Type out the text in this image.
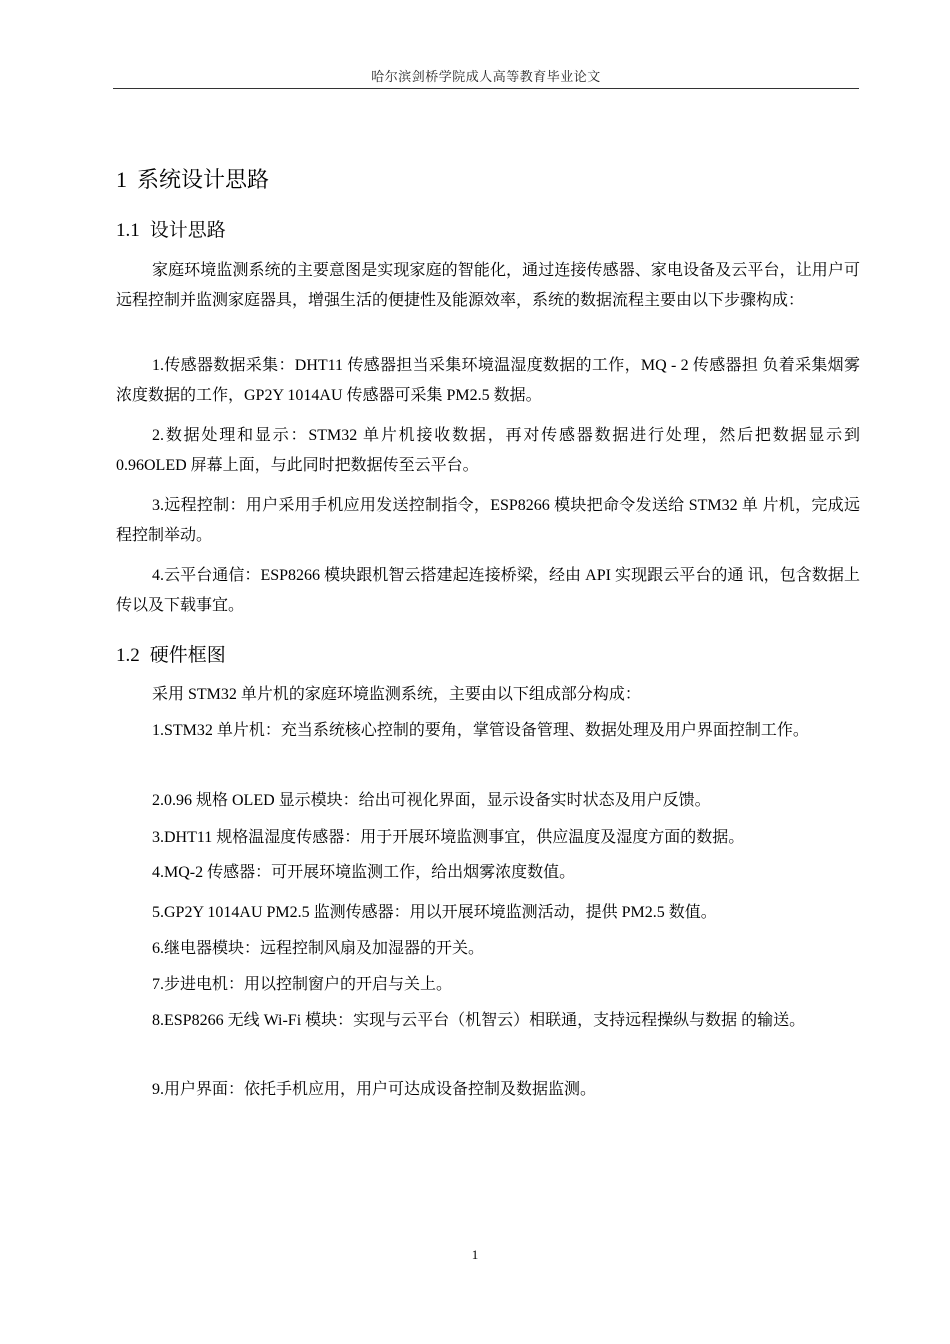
哈尔滨剑桥学院成人高等教育毕业论文
1 系统设计思路
1.1 设计思路

家庭环境监测系统的主要意图是实现家庭的智能化，通过连接传感器、家电设备及云平台，让用户可远程控制并监测家庭器具，增强生活的便捷性及能源效率，系统的数据流程主要由以下步骤构成：

1.传感器数据采集：DHT11 传感器担当采集环境温湿度数据的工作，MQ - 2 传感器担 负着采集烟雾浓度数据的工作，GP2Y 1014AU 传感器可采集 PM2.5 数据。

2.数据处理和显示：STM32 单片机接收数据，再对传感器数据进行处理，然后把数据显示到 0.96OLED 屏幕上面，与此同时把数据传至云平台。

3.远程控制：用户采用手机应用发送控制指令，ESP8266 模块把命令发送给 STM32 单 片机，完成远程控制举动。

4.云平台通信：ESP8266 模块跟机智云搭建起连接桥梁，经由 API 实现跟云平台的通 讯，包含数据上传以及下载事宜。

1.2 硬件框图

采用 STM32 单片机的家庭环境监测系统，主要由以下组成部分构成：

1.STM32 单片机：充当系统核心控制的要角，掌管设备管理、数据处理及用户界面控制工作。

2.0.96 规格 OLED 显示模块：给出可视化界面，显示设备实时状态及用户反馈。

3.DHT11 规格温湿度传感器：用于开展环境监测事宜，供应温度及湿度方面的数据。

4.MQ-2 传感器：可开展环境监测工作，给出烟雾浓度数值。

5.GP2Y 1014AU PM2.5 监测传感器：用以开展环境监测活动，提供 PM2.5 数值。

6.继电器模块：远程控制风扇及加湿器的开关。

7.步进电机：用以控制窗户的开启与关上。

8.ESP8266 无线 Wi-Fi 模块：实现与云平台（机智云）相联通，支持远程操纵与数据 的输送。

9.用户界面：依托手机应用，用户可达成设备控制及数据监测。

1
